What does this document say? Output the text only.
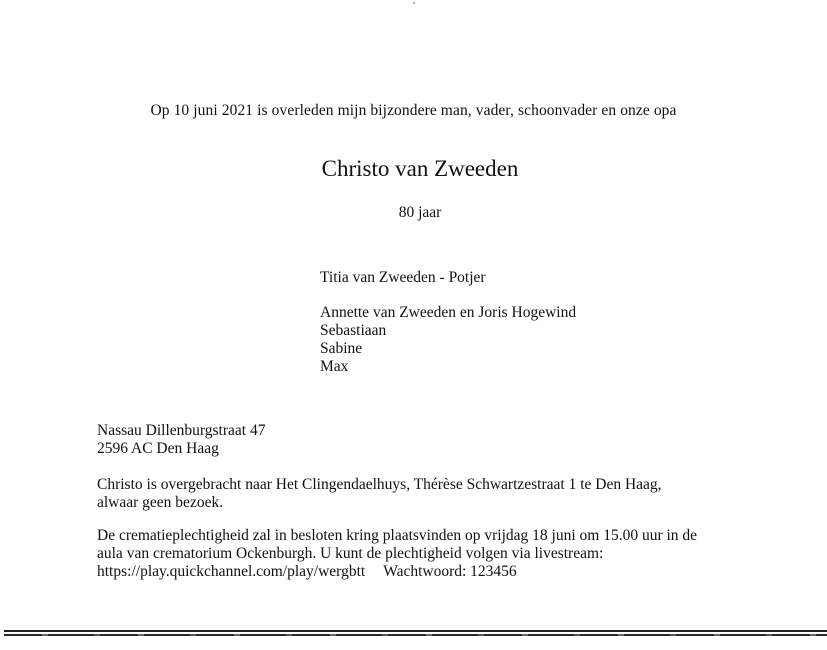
Op 10 juni 2021 is overleden mijn bijzondere man, vader, schoonvader en onze opa
Christo van Zweeden
80 jaar
Titia van Zweeden - Potjer
Annette van Zweeden en Joris Hogewind
Sebastiaan
Sabine
Max
Nassau Dillenburgstraat 47
2596 AC Den Haag
Christo is overgebracht naar Het Clingendaelhuys, Thérèse Schwartzestraat 1 te Den Haag,
alwaar geen bezoek.
De crematieplechtigheid zal in besloten kring plaatsvinden op vrijdag 18 juni om 15.00 uur in de
aula van crematorium Ockenburgh. U kunt de plechtigheid volgen via livestream:
https://play.quickchannel.com/play/wergbtt Wachtwoord: 123456
